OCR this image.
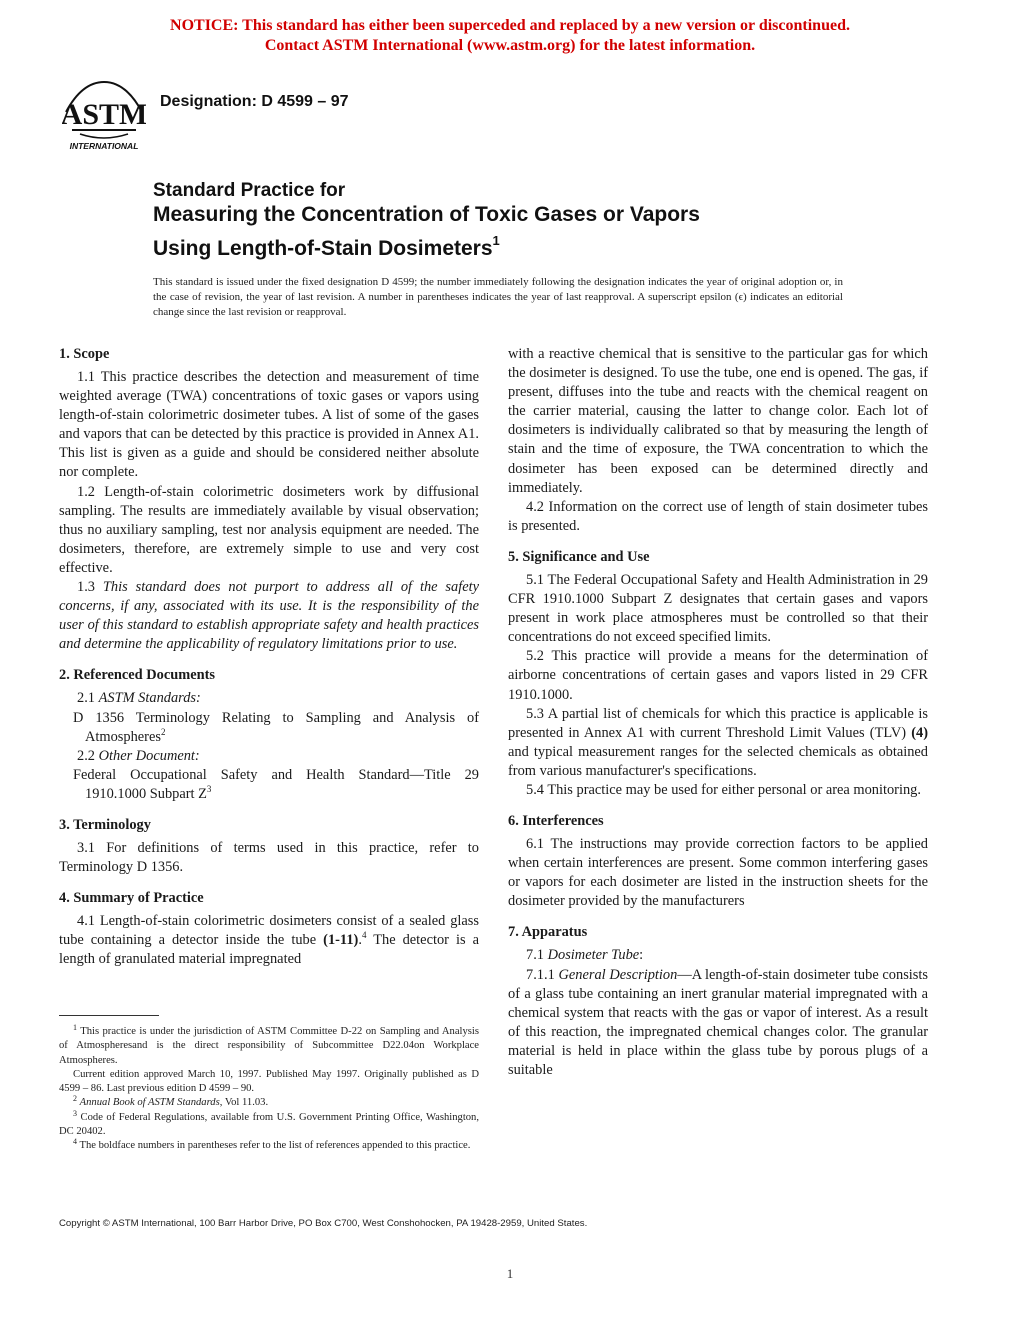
NOTICE: This standard has either been superceded and replaced by a new version or discontinued.
Contact ASTM International (www.astm.org) for the latest information.
ASTM
INTERNATIONAL
Designation: D 4599 – 97
Standard Practice for
Measuring the Concentration of Toxic Gases or Vapors
Using Length-of-Stain Dosimeters$^1$
This standard is issued under the fixed designation D 4599; the number immediately following the designation indicates the year of original adoption or, in the case of revision, the year of last revision. A number in parentheses indicates the year of last reapproval. A superscript epsilon (ϵ) indicates an editorial change since the last revision or reapproval.
1. Scope

1.1 This practice describes the detection and measurement of time weighted average (TWA) concentrations of toxic gases or vapors using length-of-stain colorimetric dosimeter tubes. A list of some of the gases and vapors that can be detected by this practice is provided in Annex A1. This list is given as a guide and should be considered neither absolute nor complete.

1.2 Length-of-stain colorimetric dosimeters work by diffusional sampling. The results are immediately available by visual observation; thus no auxiliary sampling, test nor analysis equipment are needed. The dosimeters, therefore, are extremely simple to use and very cost effective.

1.3 This standard does not purport to address all of the safety concerns, if any, associated with its use. It is the responsibility of the user of this standard to establish appropriate safety and health practices and determine the applicability of regulatory limitations prior to use.

2. Referenced Documents

2.1 ASTM Standards:

D 1356 Terminology Relating to Sampling and Analysis of Atmospheres$^2$

2.2 Other Document:

Federal Occupational Safety and Health Standard—Title 29 1910.1000 Subpart $Z^3$

3. Terminology

3.1 For definitions of terms used in this practice, refer to Terminology D 1356.

4. Summary of Practice

4.1 Length-of-stain colorimetric dosimeters consist of a sealed glass tube containing a detector inside the tube (1-11).$^4$ The detector is a length of granulated material impregnated

$^1$ This practice is under the jurisdiction of ASTM Committee D-22 on Sampling and Analysis of Atmospheresand is the direct responsibility of Subcommittee D22.04on Workplace Atmospheres.

Current edition approved March 10, 1997. Published May 1997. Originally published as D 4599 – 86. Last previous edition D 4599 – 90.

$^2$ Annual Book of ASTM Standards, Vol 11.03.

$^3$ Code of Federal Regulations, available from U.S. Government Printing Office, Washington, DC 20402.

$^4$ The boldface numbers in parentheses refer to the list of references appended to this practice.

with a reactive chemical that is sensitive to the particular gas for which the dosimeter is designed. To use the tube, one end is opened. The gas, if present, diffuses into the tube and reacts with the chemical reagent on the carrier material, causing the latter to change color. Each lot of dosimeters is individually calibrated so that by measuring the length of stain and the time of exposure, the TWA concentration to which the dosimeter has been exposed can be determined directly and immediately.

4.2 Information on the correct use of length of stain dosimeter tubes is presented.

5. Significance and Use

5.1 The Federal Occupational Safety and Health Administration in 29 CFR 1910.1000 Subpart Z designates that certain gases and vapors present in work place atmospheres must be controlled so that their concentrations do not exceed specified limits.

5.2 This practice will provide a means for the determination of airborne concentrations of certain gases and vapors listed in 29 CFR 1910.1000.

5.3 A partial list of chemicals for which this practice is applicable is presented in Annex A1 with current Threshold Limit Values (TLV) (4) and typical measurement ranges for the selected chemicals as obtained from various manufacturer's specifications.

5.4 This practice may be used for either personal or area monitoring.

6. Interferences

6.1 The instructions may provide correction factors to be applied when certain interferences are present. Some common interfering gases or vapors for each dosimeter are listed in the instruction sheets for the dosimeter provided by the manufacturers

7. Apparatus

7.1 Dosimeter Tube:

7.1.1 General Description—A length-of-stain dosimeter tube consists of a glass tube containing an inert granular material impregnated with a chemical system that reacts with the gas or vapor of interest. As a result of this reaction, the impregnated chemical changes color. The granular material is held in place within the glass tube by porous plugs of a suitable

Copyright © ASTM International, 100 Barr Harbor Drive, PO Box C700, West Conshohocken, PA 19428-2959, United States.
1
